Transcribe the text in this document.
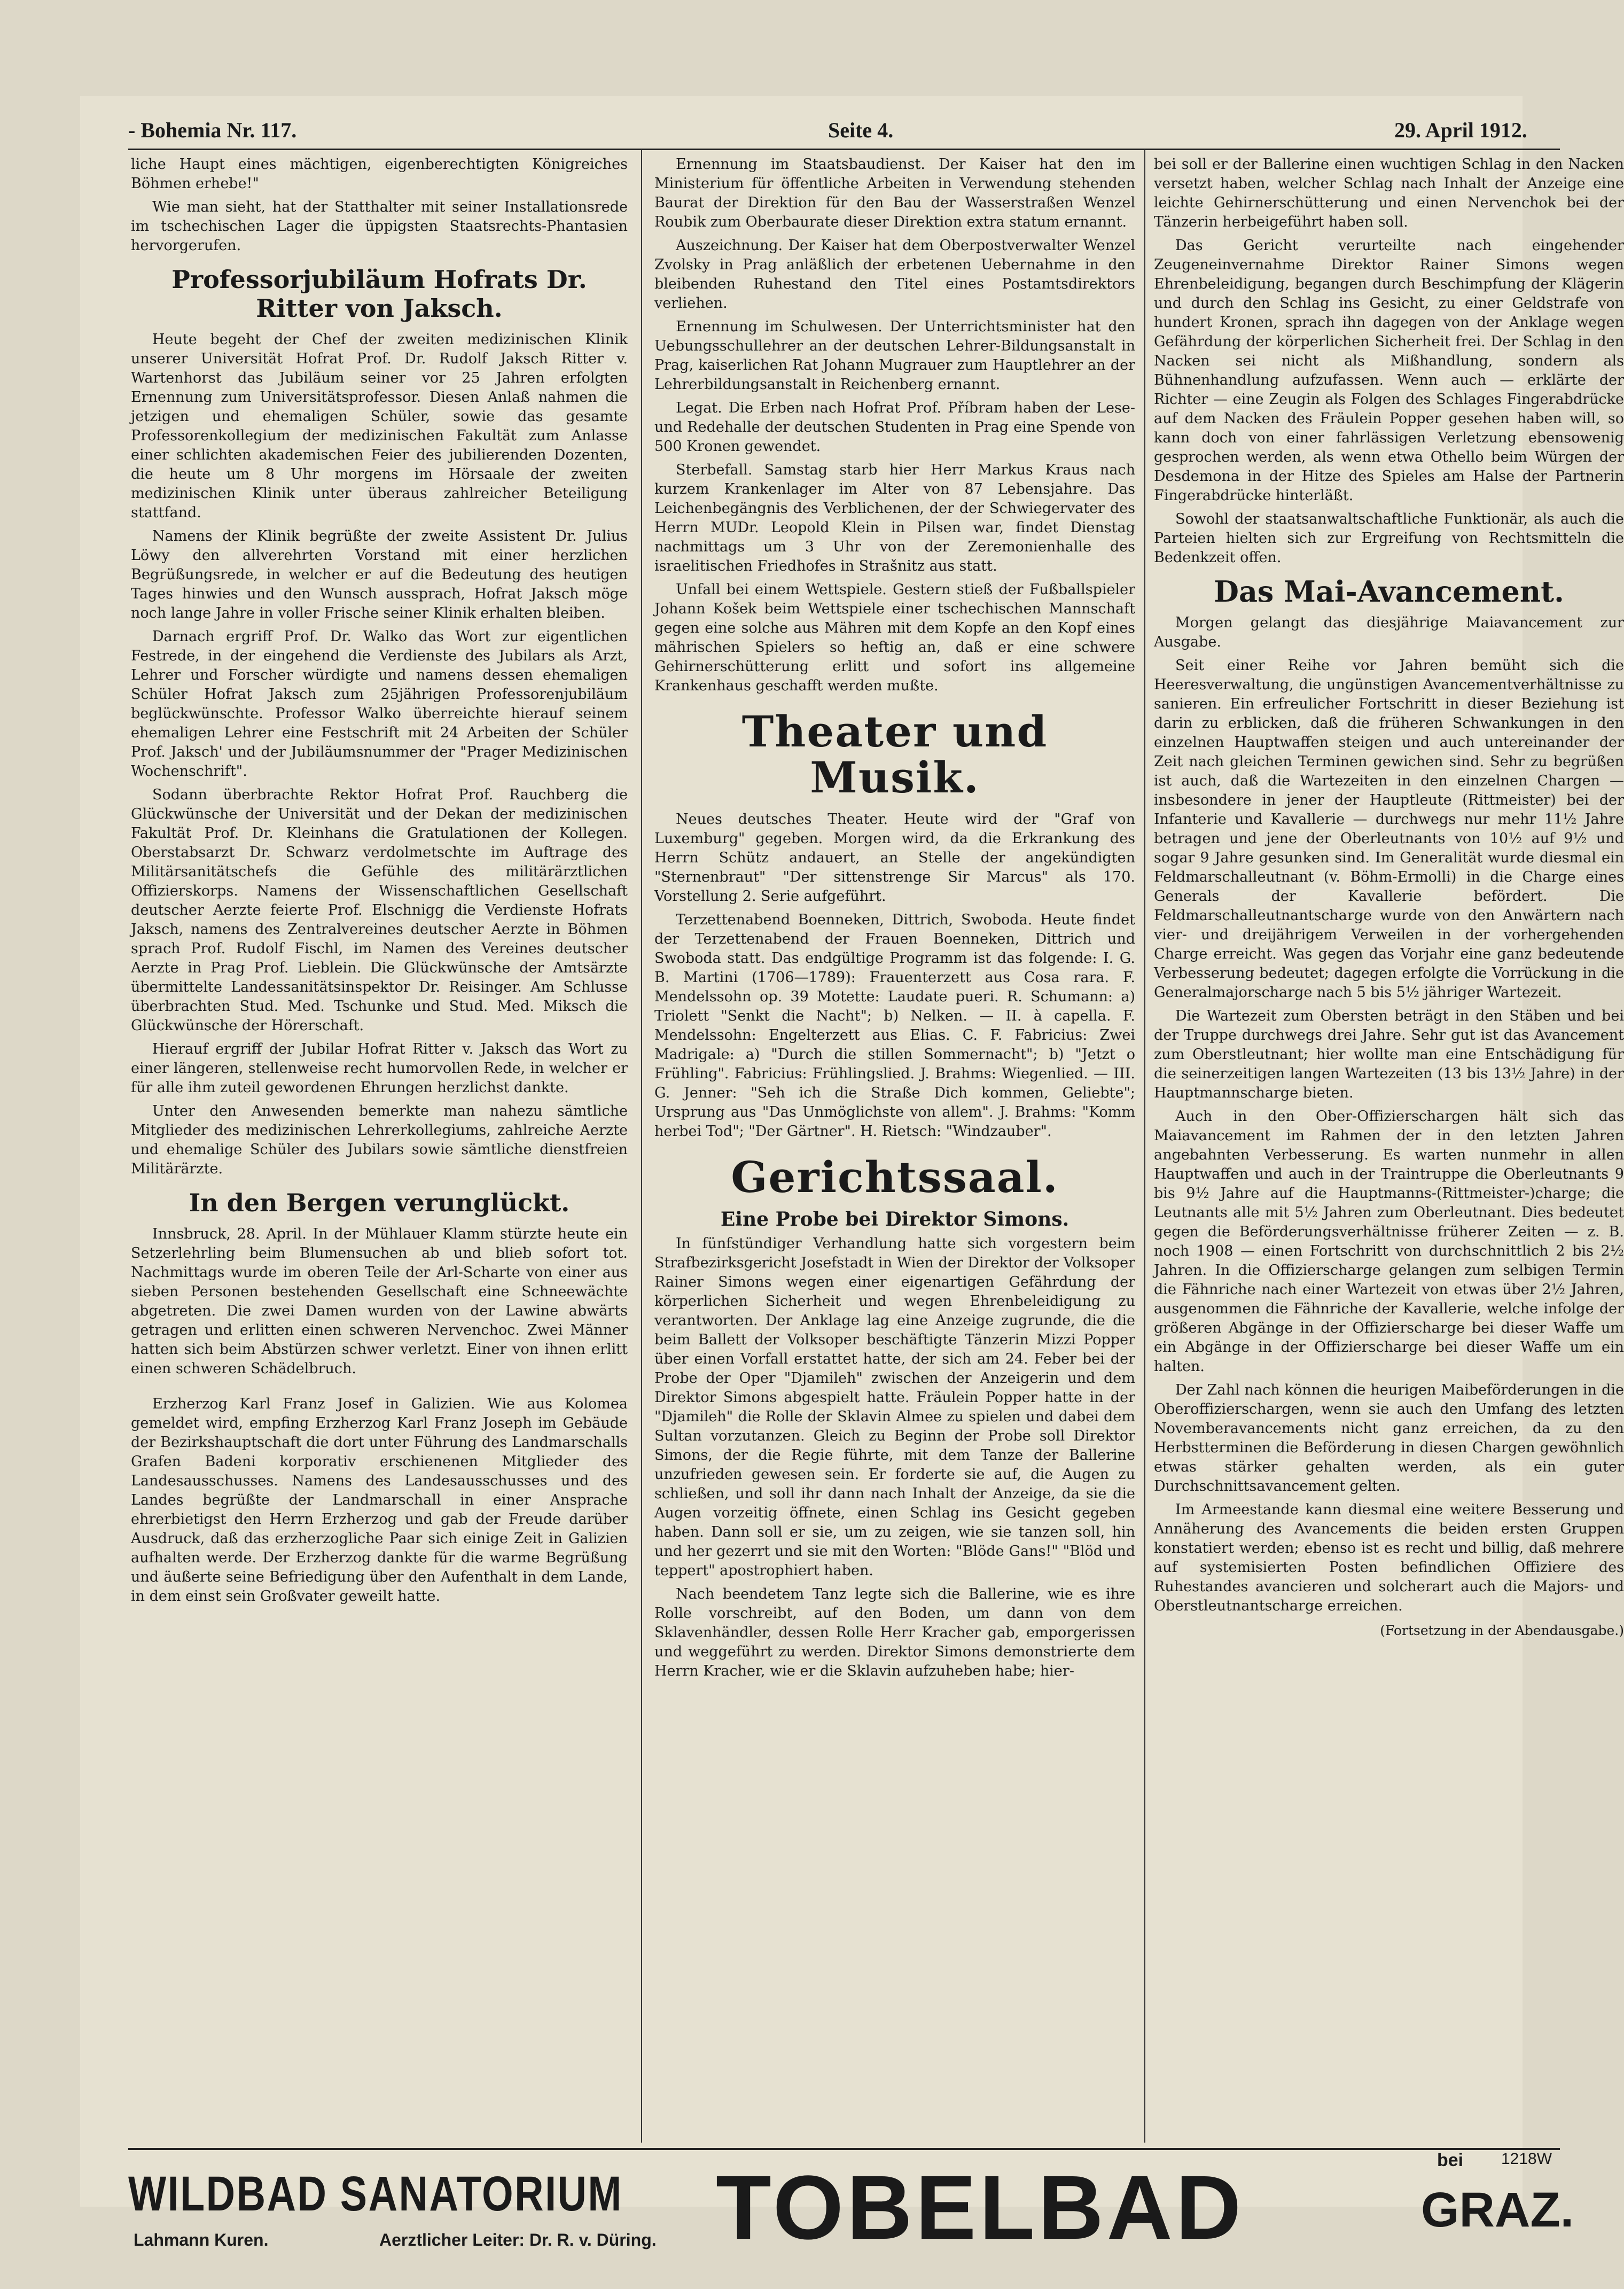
- Bohemia Nr. 117.	Seite 4.	29. April 1912.

liche Haupt eines mächtigen, eigenberechtigten Königreiches Böhmen erhebe!"

Wie man sieht, hat der Statthalter mit seiner Installationsrede im tschechischen Lager die üppigsten Staatsrechts-Phantasien hervorgerufen.

Professorjubiläum Hofrats Dr. Ritter von Jaksch.

Heute begeht der Chef der zweiten medizinischen Klinik unserer Universität Hofrat Prof. Dr. Rudolf Jaksch Ritter v. Wartenhorst das Jubiläum seiner vor 25 Jahren erfolgten Ernennung zum Universitätsprofessor. Diesen Anlaß nahmen die jetzigen und ehemaligen Schüler, sowie das gesamte Professorenkollegium der medizinischen Fakultät zum Anlasse einer schlichten akademischen Feier des jubilierenden Dozenten, die heute um 8 Uhr morgens im Hörsaale der zweiten medizinischen Klinik unter überaus zahlreicher Beteiligung stattfand.

Namens der Klinik begrüßte der zweite Assistent Dr. Julius Löwy den allverehrten Vorstand mit einer herzlichen Begrüßungsrede, in welcher er auf die Bedeutung des heutigen Tages hinwies und den Wunsch aussprach, Hofrat Jaksch möge noch lange Jahre in voller Frische seiner Klinik erhalten bleiben.

Darnach ergriff Prof. Dr. Walko das Wort zur eigentlichen Festrede, in der eingehend die Verdienste des Jubilars als Arzt, Lehrer und Forscher würdigte und namens dessen ehemaligen Schüler Hofrat Jaksch zum 25jährigen Professorenjubiläum beglückwünschte. Professor Walko überreichte hierauf seinem ehemaligen Lehrer eine Festschrift mit 24 Arbeiten der Schüler Prof. Jaksch' und der Jubiläumsnummer der "Prager Medizinischen Wochenschrift".

Sodann überbrachte Rektor Hofrat Prof. Rauchberg die Glückwünsche der Universität und der Dekan der medizinischen Fakultät Prof. Dr. Kleinhans die Gratulationen der Kollegen. Oberstabsarzt Dr. Schwarz verdolmetschte im Auftrage des Militärsanitätschefs die Gefühle des militärärztlichen Offizierskorps. Namens der Wissenschaftlichen Gesellschaft deutscher Aerzte feierte Prof. Elschnigg die Verdienste Hofrats Jaksch, namens des Zentralvereines deutscher Aerzte in Böhmen sprach Prof. Rudolf Fischl, im Namen des Vereines deutscher Aerzte in Prag Prof. Lieblein. Die Glückwünsche der Amtsärzte übermittelte Landessanitätsinspektor Dr. Reisinger. Am Schlusse überbrachten Stud. Med. Tschunke und Stud. Med. Miksch die Glückwünsche der Hörerschaft.

Hierauf ergriff der Jubilar Hofrat Ritter v. Jaksch das Wort zu einer längeren, stellenweise recht humorvollen Rede, in welcher er für alle ihm zuteil gewordenen Ehrungen herzlichst dankte.

Unter den Anwesenden bemerkte man nahezu sämtliche Mitglieder des medizinischen Lehrerkollegiums, zahlreiche Aerzte und ehemalige Schüler des Jubilars sowie sämtliche dienstfreien Militärärzte.

In den Bergen verunglückt.

Innsbruck, 28. April. In der Mühlauer Klamm stürzte heute ein Setzerlehrling beim Blumensuchen ab und blieb sofort tot. Nachmittags wurde im oberen Teile der Arl-Scharte von einer aus sieben Personen bestehenden Gesellschaft eine Schneewächte abgetreten. Die zwei Damen wurden von der Lawine abwärts getragen und erlitten einen schweren Nervenchoc. Zwei Männer hatten sich beim Abstürzen schwer verletzt. Einer von ihnen erlitt einen schweren Schädelbruch.

Erzherzog Karl Franz Josef in Galizien. Wie aus Kolomea gemeldet wird, empfing Erzherzog Karl Franz Joseph im Gebäude der Bezirkshauptschaft die dort unter Führung des Landmarschalls Grafen Badeni korporativ erschienenen Mitglieder des Landesausschusses. Namens des Landesausschusses und des Landes begrüßte der Landmarschall in einer Ansprache ehrerbietigst den Herrn Erzherzog und gab der Freude darüber Ausdruck, daß das erzherzogliche Paar sich einige Zeit in Galizien aufhalten werde. Der Erzherzog dankte für die warme Begrüßung und äußerte seine Befriedigung über den Aufenthalt in dem Lande, in dem einst sein Großvater geweilt hatte.

Ernennung im Staatsbaudienst. Der Kaiser hat den im Ministerium für öffentliche Arbeiten in Verwendung stehenden Baurat der Direktion für den Bau der Wasserstraßen Wenzel Roubik zum Oberbaurate dieser Direktion extra statum ernannt.

Auszeichnung. Der Kaiser hat dem Oberpostverwalter Wenzel Zvolsky in Prag anläßlich der erbetenen Uebernahme in den bleibenden Ruhestand den Titel eines Postamtsdirektors verliehen.

Ernennung im Schulwesen. Der Unterrichtsminister hat den Uebungsschullehrer an der deutschen Lehrer-Bildungsanstalt in Prag, kaiserlichen Rat Johann Mugrauer zum Hauptlehrer an der Lehrerbildungsanstalt in Reichenberg ernannt.

Legat. Die Erben nach Hofrat Prof. Příbram haben der Lese- und Redehalle der deutschen Studenten in Prag eine Spende von 500 Kronen gewendet.

Sterbefall. Samstag starb hier Herr Markus Kraus nach kurzem Krankenlager im Alter von 87 Lebensjahre. Das Leichenbegängnis des Verblichenen, der der Schwiegervater des Herrn MUDr. Leopold Klein in Pilsen war, findet Dienstag nachmittags um 3 Uhr von der Zeremonienhalle des israelitischen Friedhofes in Strašnitz aus statt.

Unfall bei einem Wettspiele. Gestern stieß der Fußballspieler Johann Košek beim Wettspiele einer tschechischen Mannschaft gegen eine solche aus Mähren mit dem Kopfe an den Kopf eines mährischen Spielers so heftig an, daß er eine schwere Gehirnerschütterung erlitt und sofort ins allgemeine Krankenhaus geschafft werden mußte.

Theater und Musik.

Neues deutsches Theater. Heute wird der "Graf von Luxemburg" gegeben. Morgen wird, da die Erkrankung des Herrn Schütz andauert, an Stelle der angekündigten "Sternenbraut" "Der sittenstrenge Sir Marcus" als 170. Vorstellung 2. Serie aufgeführt.

Terzettenabend Boenneken, Dittrich, Swoboda. Heute findet der Terzettenabend der Frauen Boenneken, Dittrich und Swoboda statt. Das endgültige Programm ist das folgende: I. G. B. Martini (1706—1789): Frauenterzett aus Cosa rara. F. Mendelssohn op. 39 Motette: Laudate pueri. R. Schumann: a) Triolett "Senkt die Nacht"; b) Nelken. — II. à capella. F. Mendelssohn: Engelterzett aus Elias. C. F. Fabricius: Zwei Madrigale: a) "Durch die stillen Sommernacht"; b) "Jetzt o Frühling". Fabricius: Frühlingslied. J. Brahms: Wiegenlied. — III. G. Jenner: "Seh ich die Straße Dich kommen, Geliebte"; Ursprung aus "Das Unmöglichste von allem". J. Brahms: "Komm herbei Tod"; "Der Gärtner". H. Rietsch: "Windzauber".

Gerichtssaal.
Eine Probe bei Direktor Simons.

In fünfstündiger Verhandlung hatte sich vorgestern beim Strafbezirksgericht Josefstadt in Wien der Direktor der Volksoper Rainer Simons wegen einer eigenartigen Gefährdung der körperlichen Sicherheit und wegen Ehrenbeleidigung zu verantworten. Der Anklage lag eine Anzeige zugrunde, die die beim Ballett der Volksoper beschäftigte Tänzerin Mizzi Popper über einen Vorfall erstattet hatte, der sich am 24. Feber bei der Probe der Oper "Djamileh" zwischen der Anzeigerin und dem Direktor Simons abgespielt hatte. Fräulein Popper hatte in der "Djamileh" die Rolle der Sklavin Almee zu spielen und dabei dem Sultan vorzutanzen. Gleich zu Beginn der Probe soll Direktor Simons, der die Regie führte, mit dem Tanze der Ballerine unzufrieden gewesen sein. Er forderte sie auf, die Augen zu schließen, und soll ihr dann nach Inhalt der Anzeige, da sie die Augen vorzeitig öffnete, einen Schlag ins Gesicht gegeben haben. Dann soll er sie, um zu zeigen, wie sie tanzen soll, hin und her gezerrt und sie mit den Worten: "Blöde Gans!" "Blöd und teppert" apostrophiert haben.

Nach beendetem Tanz legte sich die Ballerine, wie es ihre Rolle vorschreibt, auf den Boden, um dann von dem Sklavenhändler, dessen Rolle Herr Kracher gab, emporgerissen und weggeführt zu werden. Direktor Simons demonstrierte dem Herrn Kracher, wie er die Sklavin aufzuheben habe; hier-

bei soll er der Ballerine einen wuchtigen Schlag in den Nacken versetzt haben, welcher Schlag nach Inhalt der Anzeige eine leichte Gehirnerschütterung und einen Nervenchok bei der Tänzerin herbeigeführt haben soll.

Das Gericht verurteilte nach eingehender Zeugeneinvernahme Direktor Rainer Simons wegen Ehrenbeleidigung, begangen durch Beschimpfung der Klägerin und durch den Schlag ins Gesicht, zu einer Geldstrafe von hundert Kronen, sprach ihn dagegen von der Anklage wegen Gefährdung der körperlichen Sicherheit frei. Der Schlag in den Nacken sei nicht als Mißhandlung, sondern als Bühnenhandlung aufzufassen. Wenn auch — erklärte der Richter — eine Zeugin als Folgen des Schlages Fingerabdrücke auf dem Nacken des Fräulein Popper gesehen haben will, so kann doch von einer fahrlässigen Verletzung ebensowenig gesprochen werden, als wenn etwa Othello beim Würgen der Desdemona in der Hitze des Spieles am Halse der Partnerin Fingerabdrücke hinterläßt.

Sowohl der staatsanwaltschaftliche Funktionär, als auch die Parteien hielten sich zur Ergreifung von Rechtsmitteln die Bedenkzeit offen.

Das Mai-Avancement.

Morgen gelangt das diesjährige Maiavancement zur Ausgabe.

Seit einer Reihe vor Jahren bemüht sich die Heeresverwaltung, die ungünstigen Avancementverhältnisse zu sanieren. Ein erfreulicher Fortschritt in dieser Beziehung ist darin zu erblicken, daß die früheren Schwankungen in den einzelnen Hauptwaffen steigen und auch untereinander der Zeit nach gleichen Terminen gewichen sind. Sehr zu begrüßen ist auch, daß die Wartezeiten in den einzelnen Chargen — insbesondere in jener der Hauptleute (Rittmeister) bei der Infanterie und Kavallerie — durchwegs nur mehr 11½ Jahre betragen und jene der Oberleutnants von 10½ auf 9½ und sogar 9 Jahre gesunken sind. Im Generalität wurde diesmal ein Feldmarschalleutnant (v. Böhm-Ermolli) in die Charge eines Generals der Kavallerie befördert. Die Feldmarschalleutnantscharge wurde von den Anwärtern nach vier- und dreijährigem Verweilen in der vorhergehenden Charge erreicht. Was gegen das Vorjahr eine ganz bedeutende Verbesserung bedeutet; dagegen erfolgte die Vorrückung in die Generalmajorscharge nach 5 bis 5½ jähriger Wartezeit.

Die Wartezeit zum Obersten beträgt in den Stäben und bei der Truppe durchwegs drei Jahre. Sehr gut ist das Avancement zum Oberstleutnant; hier wollte man eine Entschädigung für die seinerzeitigen langen Wartezeiten (13 bis 13½ Jahre) in der Hauptmannscharge bieten.

Auch in den Ober-Offizierschargen hält sich das Maiavancement im Rahmen der in den letzten Jahren angebahnten Verbesserung. Es warten nunmehr in allen Hauptwaffen und auch in der Traintruppe die Oberleutnants 9 bis 9½ Jahre auf die Hauptmanns-(Rittmeister-)charge; die Leutnants alle mit 5½ Jahren zum Oberleutnant. Dies bedeutet gegen die Beförderungsverhältnisse früherer Zeiten — z. B. noch 1908 — einen Fortschritt von durchschnittlich 2 bis 2½ Jahren. In die Offizierscharge gelangen zum selbigen Termin die Fähnriche nach einer Wartezeit von etwas über 2½ Jahren, ausgenommen die Fähnriche der Kavallerie, welche infolge der größeren Abgänge in der Offizierscharge bei dieser Waffe um ein Abgänge in der Offizierscharge bei dieser Waffe um ein halten.

Der Zahl nach können die heurigen Maibeförderungen in die Oberoffizierschargen, wenn sie auch den Umfang des letzten Novemberavancements nicht ganz erreichen, da zu den Herbstterminen die Beförderung in diesen Chargen gewöhnlich etwas stärker gehalten werden, als ein guter Durchschnittsavancement gelten.

Im Armeestande kann diesmal eine weitere Besserung und Annäherung des Avancements die beiden ersten Gruppen konstatiert werden; ebenso ist es recht und billig, daß mehrere auf systemisierten Posten befindlichen Offiziere des Ruhestandes avancieren und solcherart auch die Majors- und Oberstleutnantscharge erreichen.

(Fortsetzung in der Abendausgabe.)
WILDBAD SANATORIUM
Lahmann Kuren.	Aerztlicher Leiter: Dr. R. v. Düring. TOBELBAD	bei 1218W
GRAZ.
